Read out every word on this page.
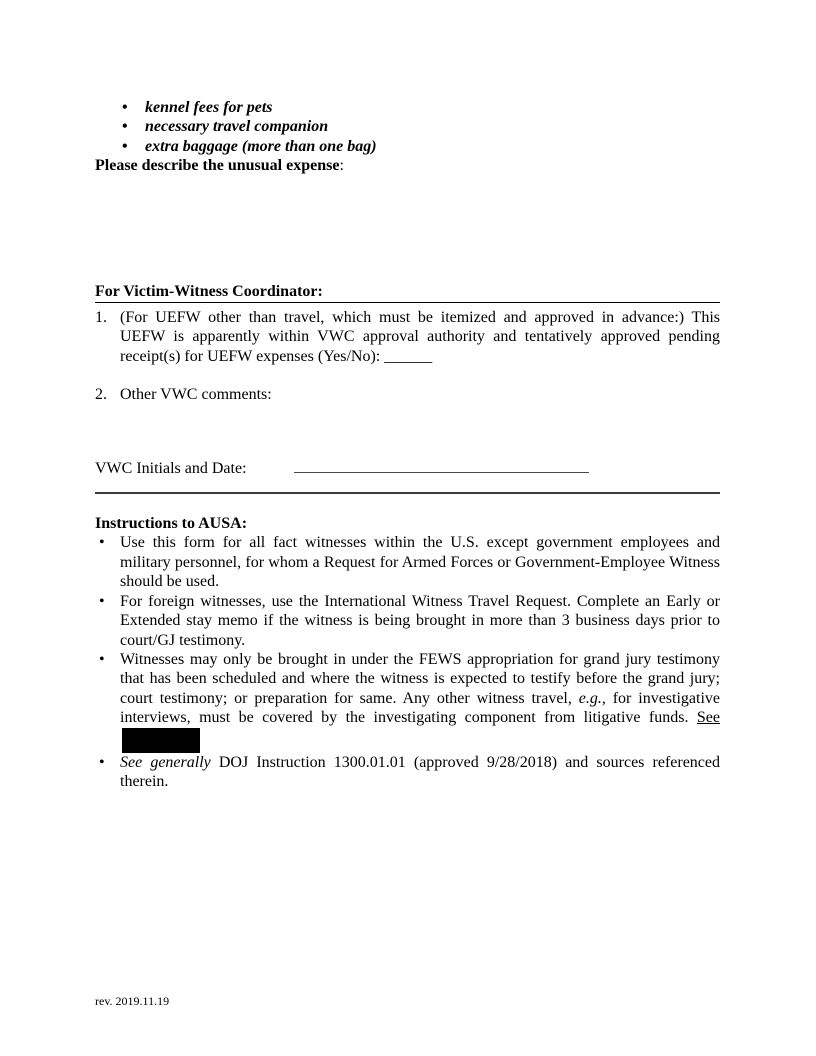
• kennel fees for pets
• necessary travel companion
• extra baggage (more than one bag)
Please describe the unusual expense:
For Victim-Witness Coordinator:
1. (For UEFW other than travel, which must be itemized and approved in advance:) This UEFW is apparently within VWC approval authority and tentatively approved pending receipt(s) for UEFW expenses (Yes/No): ______
2. Other VWC comments:
VWC Initials and Date:
Instructions to AUSA:
• Use this form for all fact witnesses within the U.S. except government employees and military personnel, for whom a Request for Armed Forces or Government-Employee Witness should be used.
• For foreign witnesses, use the International Witness Travel Request. Complete an Early or Extended stay memo if the witness is being brought in more than 3 business days prior to court/GJ testimony.
• Witnesses may only be brought in under the FEWS appropriation for grand jury testimony that has been scheduled and where the witness is expected to testify before the grand jury; court testimony; or preparation for same. Any other witness travel, e.g., for investigative interviews, must be covered by the investigating component from litigative funds. See
• See generally DOJ Instruction 1300.01.01 (approved 9/28/2018) and sources referenced therein.
rev. 2019.11.19
